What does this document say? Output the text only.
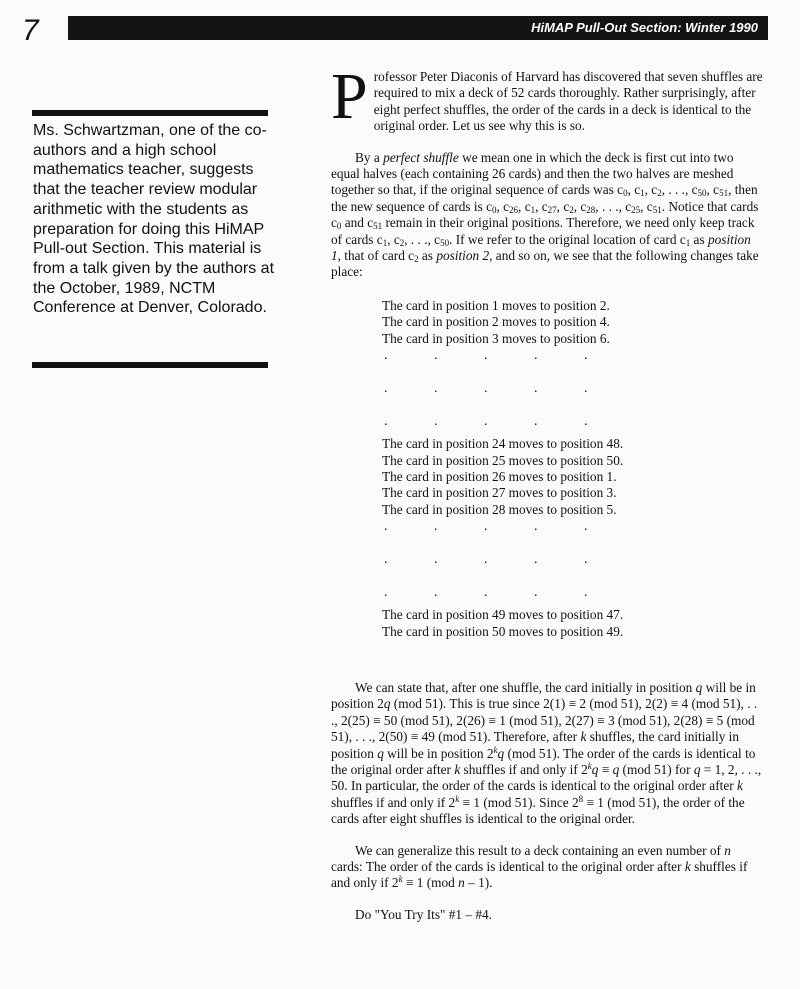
7	HiMAP Pull-Out Section: Winter 1990
Ms. Schwartzman, one of the co-authors and a high school mathematics teacher, suggests that the teacher review modular arithmetic with the students as preparation for doing this HiMAP Pull-out Section. This material is from a talk given by the authors at the October, 1989, NCTM Conference at Denver, Colorado.

Professor Peter Diaconis of Harvard has discovered that seven shuffles are required to mix a deck of 52 cards thoroughly. Rather surprisingly, after eight perfect shuffles, the order of the cards in a deck is identical to the original order. Let us see why this is so.

By a perfect shuffle we mean one in which the deck is first cut into two equal halves (each containing 26 cards) and then the two halves are meshed together so that, if the original sequence of cards was $c_0$, $c_1$, $c_2$, . . ., $c_{50}$, $c_{51}$, then the new sequence of cards is $c_0$, $c_{26}$, $c_1$, $c_{27}$, $c_2$, $c_{28}$, . . ., $c_{25}$, $c_{51}$. Notice that cards $c_0$ and $c_{51}$ remain in their original positions. Therefore, we need only keep track of cards $c_1$, $c_2$, . . ., $c_{50}$. If we refer to the original location of card $c_1$ as position 1, that of card $c_2$ as position 2, and so on, we see that the following changes take place:

The card in position 1 moves to position 2.

The card in position 2 moves to position 4.

The card in position 3 moves to position 6.

.	.	.	.	.
.	.	.	.	.
.	.	.	.	.

The card in position 24 moves to position 48.

The card in position 25 moves to position 50.

The card in position 26 moves to position 1.

The card in position 27 moves to position 3.

The card in position 28 moves to position 5.

.	.	.	.	.
.	.	.	.	.
.	.	.	.	.

The card in position 49 moves to position 47.

The card in position 50 moves to position 49.

We can state that, after one shuffle, the card initially in position q will be in position 2q (mod 51). This is true since 2(1) ≡ 2 (mod 51), 2(2) ≡ 4 (mod 51), . . ., 2(25) ≡ 50 (mod 51), 2(26) ≡ 1 (mod 51), 2(27) ≡ 3 (mod 51), 2(28) ≡ 5 (mod 51), . . ., 2(50) ≡ 49 (mod 51). Therefore, after k shuffles, the card initially in position q will be in position 2$^k$q (mod 51). The order of the cards is identical to the original order after k shuffles if and only if $2^kq \equiv q$ (mod 51) for q = 1, 2, . . ., 50. In particular, the order of the cards is identical to the original order after k shuffles if and only if $2^k \equiv 1$ (mod 51). Since $2^8 \equiv 1$ (mod 51), the order of the cards after eight shuffles is identical to the original order.

We can generalize this result to a deck containing an even number of n cards: The order of the cards is identical to the original order after k shuffles if and only if $2^k \equiv 1$ (mod n – 1).

Do "You Try Its" #1 – #4.
